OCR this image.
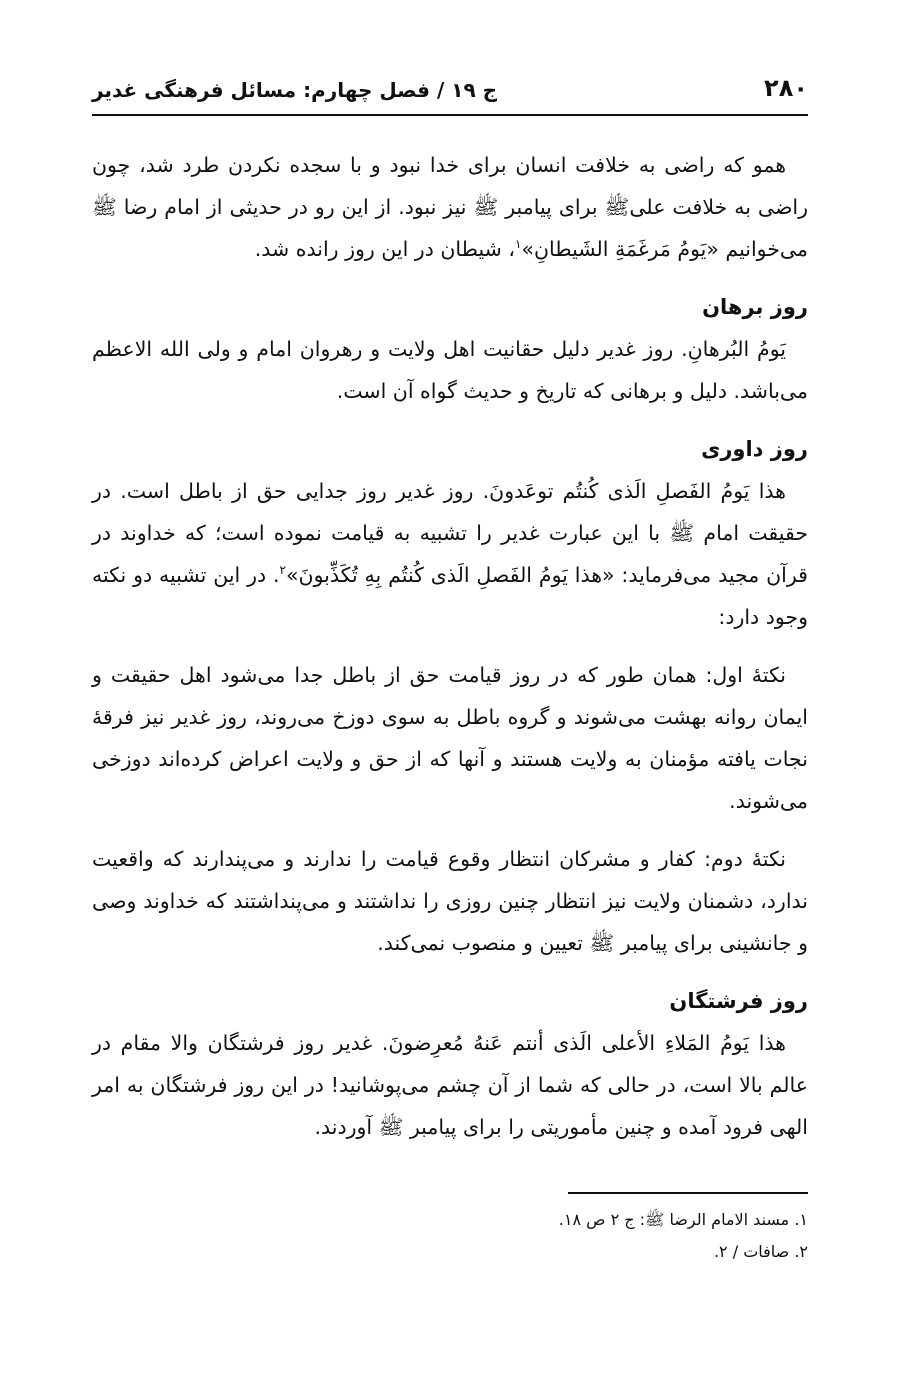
۲۸۰
ج ۱۹ / فصل چهارم: مسائل فرهنگی غدیر

همو که راضی به خلافت انسان برای خدا نبود و با سجده نکردن طرد شد، چون راضی به خلافت علی‌ﷺ برای پیامبر ﷺ نیز نبود. از این رو در حدیثی از امام رضا ﷺ می‌خوانیم «یَومُ مَرغَمَةِ الشَیطانِ»$^۱$، شیطان در این روز رانده شد.

روز برهان

یَومُ البُرهانِ. روز غدیر دلیل حقانیت اهل ولایت و رهروان امام و ولی الله الاعظم می‌باشد. دلیل و برهانی که تاریخ و حدیث گواه آن است.

روز داوری

هذا یَومُ الفَصلِ الَذی کُنتُم توعَدونَ. روز غدیر روز جدایی حق از باطل است. در حقیقت امام ﷺ با این عبارت غدیر را تشبیه به قیامت نموده است؛ که خداوند در قرآن مجید می‌فرماید: «هذا یَومُ الفَصلِ الَذی کُنتُم بِهِ تُکَذِّبونَ»$^۲$. در این تشبیه دو نکته وجود دارد:

نکتهٔ اول: همان طور که در روز قیامت حق از باطل جدا می‌شود اهل حقیقت و ایمان روانه بهشت می‌شوند و گروه باطل به سوی دوزخ می‌روند، روز غدیر نیز فرقهٔ نجات یافته مؤمنان به ولایت هستند و آنها که از حق و ولایت اعراض کرده‌اند دوزخی می‌شوند.

نکتهٔ دوم: کفار و مشرکان انتظار وقوع قیامت را ندارند و می‌پندارند که واقعیت ندارد، دشمنان ولایت نیز انتظار چنین روزی را نداشتند و می‌پنداشتند که خداوند وصی و جانشینی برای پیامبر ﷺ تعیین و منصوب نمی‌کند.

روز فرشتگان

هذا یَومُ المَلاءِ الأعلی الَذی أنتم عَنهُ مُعرِضونَ. غدیر روز فرشتگان والا مقام در عالم بالا است، در حالی که شما از آن چشم می‌پوشانید! در این روز فرشتگان به امر الهی فرود آمده و چنین مأموریتی را برای پیامبر ﷺ آوردند.

۱. مسند الامام الرضا ﷺ: ج ۲ ص ۱۸.

۲. صافات / ۲.
